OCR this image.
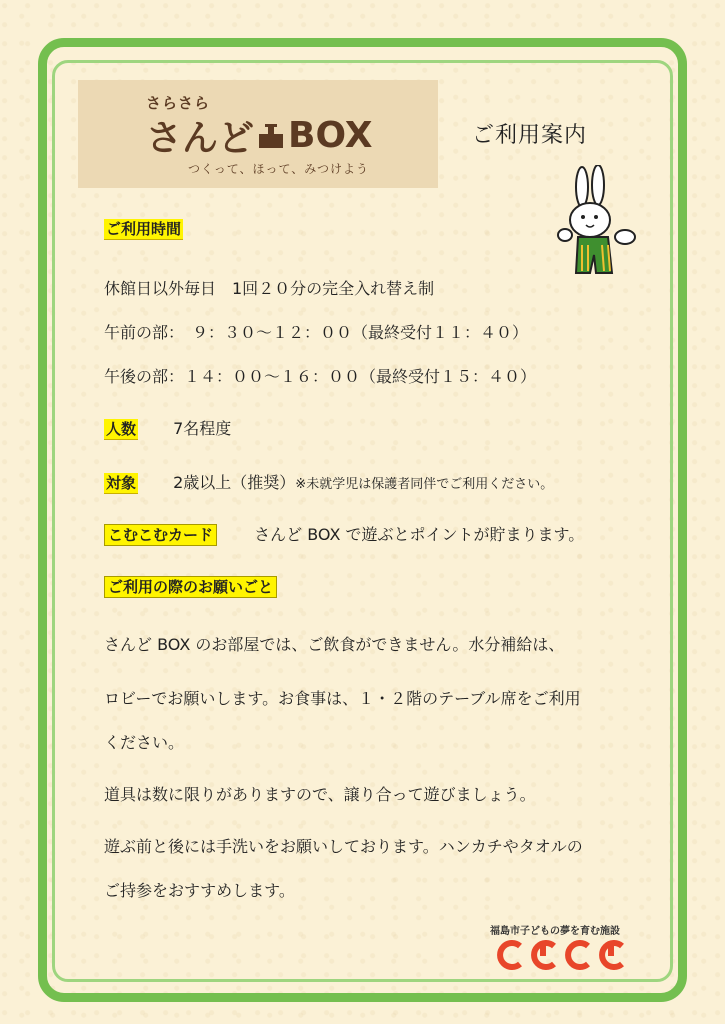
さらさら
さんど BOX
つくって、ほって、みつけよう
ご利用案内
ご利用時間
休館日以外毎日　1回２０分の完全入れ替え制
午前の部：　９：３０～１２：００（最終受付１１：４０）
午後の部：１４：００～１６：００（最終受付１５：４０）
人数 7名程度
対象 2歳以上（推奨）※未就学児は保護者同伴でご利用ください。
こむこむカード	さんど BOX で遊ぶとポイントが貯まります。
ご利用の際のお願いごと
さんど BOX のお部屋では、ご飲食ができません。水分補給は、
ロビーでお願いします。お食事は、１・２階のテーブル席をご利用
ください。
道具は数に限りがありますので、譲り合って遊びましょう。
遊ぶ前と後には手洗いをお願いしております。ハンカチやタオルの
ご持参をおすすめします。
福島市子どもの夢を育む施設
